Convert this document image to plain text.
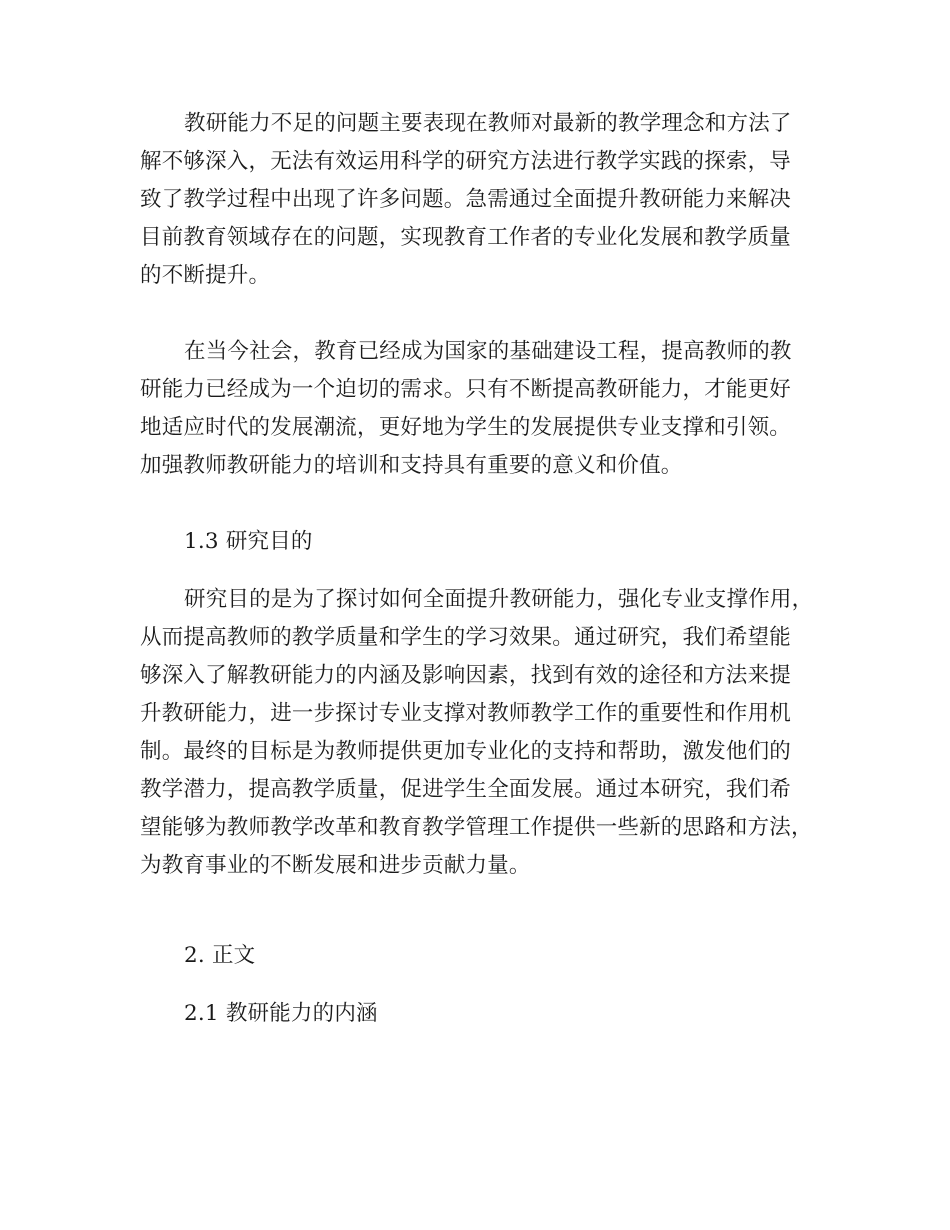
教研能力不足的问题主要表现在教师对最新的教学理念和方法了

解不够深入，无法有效运用科学的研究方法进行教学实践的探索，导

致了教学过程中出现了许多问题。急需通过全面提升教研能力来解决

目前教育领域存在的问题，实现教育工作者的专业化发展和教学质量

的不断提升。

在当今社会，教育已经成为国家的基础建设工程，提高教师的教

研能力已经成为一个迫切的需求。只有不断提高教研能力，才能更好

地适应时代的发展潮流，更好地为学生的发展提供专业支撑和引领。

加强教师教研能力的培训和支持具有重要的意义和价值。

1.3 研究目的

研究目的是为了探讨如何全面提升教研能力，强化专业支撑作用，

从而提高教师的教学质量和学生的学习效果。通过研究，我们希望能

够深入了解教研能力的内涵及影响因素，找到有效的途径和方法来提

升教研能力，进一步探讨专业支撑对教师教学工作的重要性和作用机

制。最终的目标是为教师提供更加专业化的支持和帮助，激发他们的

教学潜力，提高教学质量，促进学生全面发展。通过本研究，我们希

望能够为教师教学改革和教育教学管理工作提供一些新的思路和方法，

为教育事业的不断发展和进步贡献力量。

2. 正文

2.1 教研能力的内涵
